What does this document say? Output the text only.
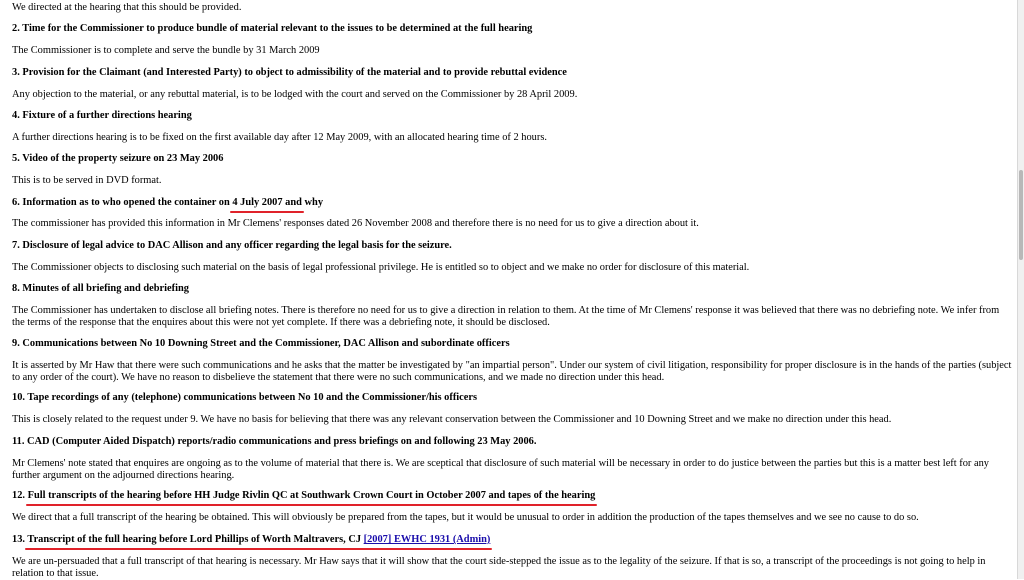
We directed at the hearing that this should be provided.
2. Time for the Commissioner to produce bundle of material relevant to the issues to be determined at the full hearing
The Commissioner is to complete and serve the bundle by 31 March 2009
3. Provision for the Claimant (and Interested Party) to object to admissibility of the material and to provide rebuttal evidence
Any objection to the material, or any rebuttal material, is to be lodged with the court and served on the Commissioner by 28 April 2009.
4. Fixture of a further directions hearing
A further directions hearing is to be fixed on the first available day after 12 May 2009, with an allocated hearing time of 2 hours.
5. Video of the property seizure on 23 May 2006
This is to be served in DVD format.
6. Information as to who opened the container on 4 July 2007 and why
The commissioner has provided this information in Mr Clemens' responses dated 26 November 2008 and therefore there is no need for us to give a direction about it.
7. Disclosure of legal advice to DAC Allison and any officer regarding the legal basis for the seizure.
The Commissioner objects to disclosing such material on the basis of legal professional privilege. He is entitled so to object and we make no order for disclosure of this material.
8. Minutes of all briefing and debriefing
The Commissioner has undertaken to disclose all briefing notes. There is therefore no need for us to give a direction in relation to them. At the time of Mr Clemens' response it was believed that there was no debriefing note. We infer from the terms of the response that the enquires about this were not yet complete. If there was a debriefing note, it should be disclosed.
9. Communications between No 10 Downing Street and the Commissioner, DAC Allison and subordinate officers
It is asserted by Mr Haw that there were such communications and he asks that the matter be investigated by "an impartial person". Under our system of civil litigation, responsibility for proper disclosure is in the hands of the parties (subject to any order of the court). We have no reason to disbelieve the statement that there were no such communications, and we made no direction under this head.
10. Tape recordings of any (telephone) communications between No 10 and the Commissioner/his officers
This is closely related to the request under 9. We have no basis for believing that there was any relevant conservation between the Commissioner and 10 Downing Street and we make no direction under this head.
11. CAD (Computer Aided Dispatch) reports/radio communications and press briefings on and following 23 May 2006.
Mr Clemens' note stated that enquires are ongoing as to the volume of material that there is. We are sceptical that disclosure of such material will be necessary in order to do justice between the parties but this is a matter best left for any further argument on the adjourned directions hearing.
12. Full transcripts of the hearing before HH Judge Rivlin QC at Southwark Crown Court in October 2007 and tapes of the hearing
We direct that a full transcript of the hearing be obtained. This will obviously be prepared from the tapes, but it would be unusual to order in addition the production of the tapes themselves and we see no cause to do so.
13. Transcript of the full hearing before Lord Phillips of Worth Maltravers, CJ [2007] EWHC 1931 (Admin)
We are un-persuaded that a full transcript of that hearing is necessary. Mr Haw says that it will show that the court side-stepped the issue as to the legality of the seizure. If that is so, a transcript of the proceedings is not going to help in relation to that issue.
